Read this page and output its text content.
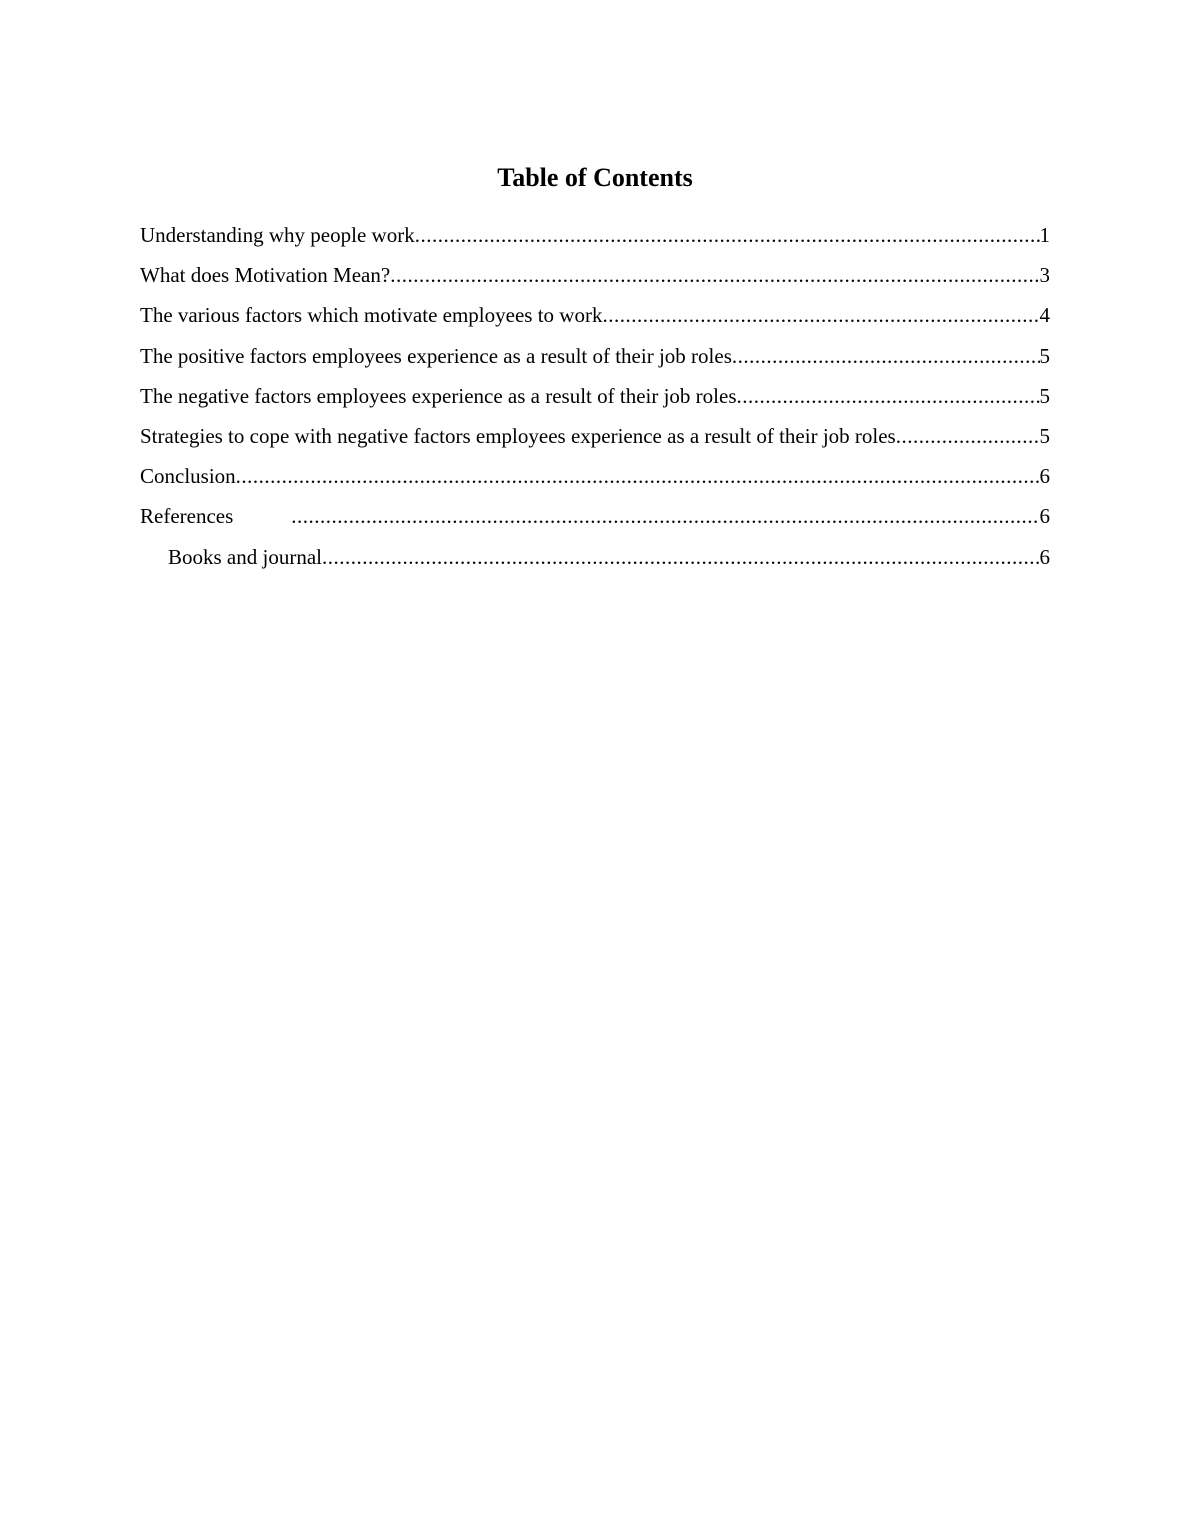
Table of Contents
Understanding why people work .....	1
What does Motivation Mean? .....	3
The various factors which motivate employees to work .....	4
The positive factors employees experience as a result of their job roles .....	5
The negative factors employees experience as a result of their job roles .....	5
Strategies to cope with negative factors employees experience as a result of their job roles .....	5
Conclusion .....	6
References .....	6
Books and journal .....	6
